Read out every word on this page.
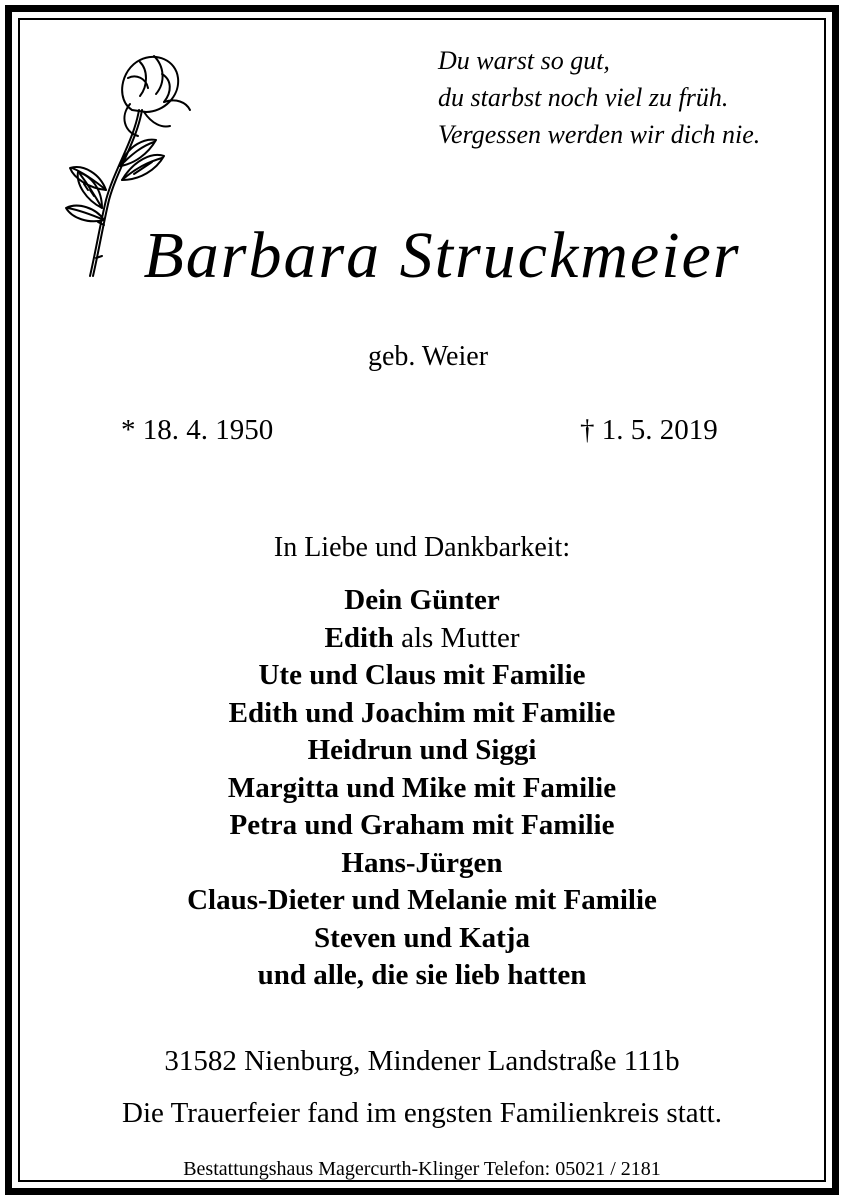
Du warst so gut,
du starbst noch viel zu früh.
Vergessen werden wir dich nie.
Barbara Struckmeier
geb. Weier
* 18. 4. 1950	† 1. 5. 2019
In Liebe und Dankbarkeit:
Dein Günter
Edith als Mutter
Ute und Claus mit Familie
Edith und Joachim mit Familie
Heidrun und Siggi
Margitta und Mike mit Familie
Petra und Graham mit Familie
Hans-Jürgen
Claus-Dieter und Melanie mit Familie
Steven und Katja
und alle, die sie lieb hatten
31582 Nienburg, Mindener Landstraße 111b
Die Trauerfeier fand im engsten Familienkreis statt.
Bestattungshaus Magercurth-Klinger Telefon: 05021 / 2181
